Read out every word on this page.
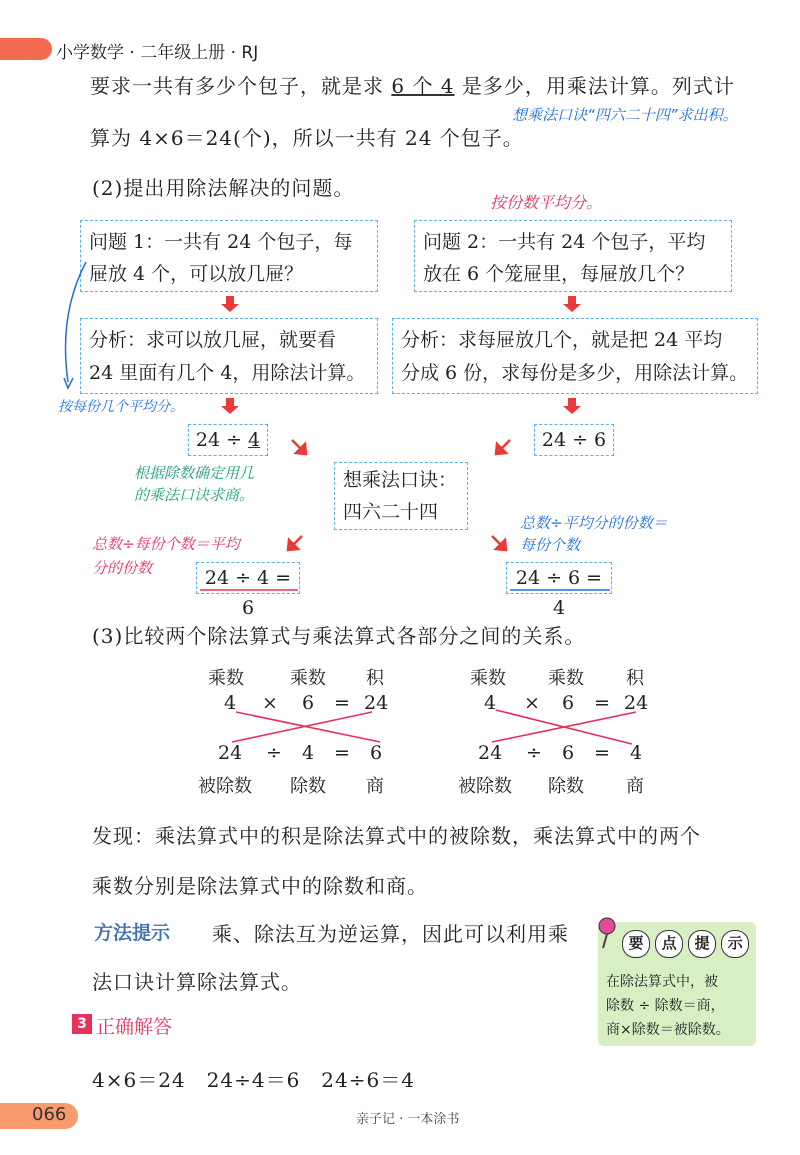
小学数学 · 二年级上册 · RJ
要求一共有多少个包子，就是求 6 个 4 是多少，用乘法计算。列式计
算为 4×6＝24(个)，所以一共有 24 个包子。
想乘法口诀“四六二十四”求出积。
(2)提出用除法解决的问题。
按份数平均分。
问题 1：一共有 24 个包子，每
屉放 4 个，可以放几屉？
问题 2：一共有 24 个包子，平均
放在 6 个笼屉里，每屉放几个？
分析：求可以放几屉，就要看
24 里面有几个 4，用除法计算。
分析：求每屉放几个，就是把 24 平均
分成 6 份，求每份是多少，用除法计算。
按每份几个平均分。
24 ÷ 4	24 ÷ 6
根据除数确定用几
的乘法口诀求商。
想乘法口诀：
四六二十四	总数÷平均分的份数＝
每份个数
总数÷每份个数＝平均
分的份数	24 ÷ 4 = 6
24 ÷ 6 = 4
(3)比较两个除法算式与乘法算式各部分之间的关系。
乘数	乘数 积
4 × 6 = 24
24 ÷ 4 = 6
被除数 除数 商
乘数 乘数 积
4 × 6 = 24
24 ÷ 6 = 4
被除数 除数 商
发现：乘法算式中的积是除法算式中的被除数，乘法算式中的两个
乘数分别是除法算式中的除数和商。
方法提示 乘、除法互为逆运算，因此可以利用乘
法口诀计算除法算式。
要 点 提 示
在除法算式中，被
除数 ÷ 除数＝商，
商×除数＝被除数。
3 正确解答
4×6＝24　24÷4＝6　24÷6＝4
066	亲子记 · 一本涂书
